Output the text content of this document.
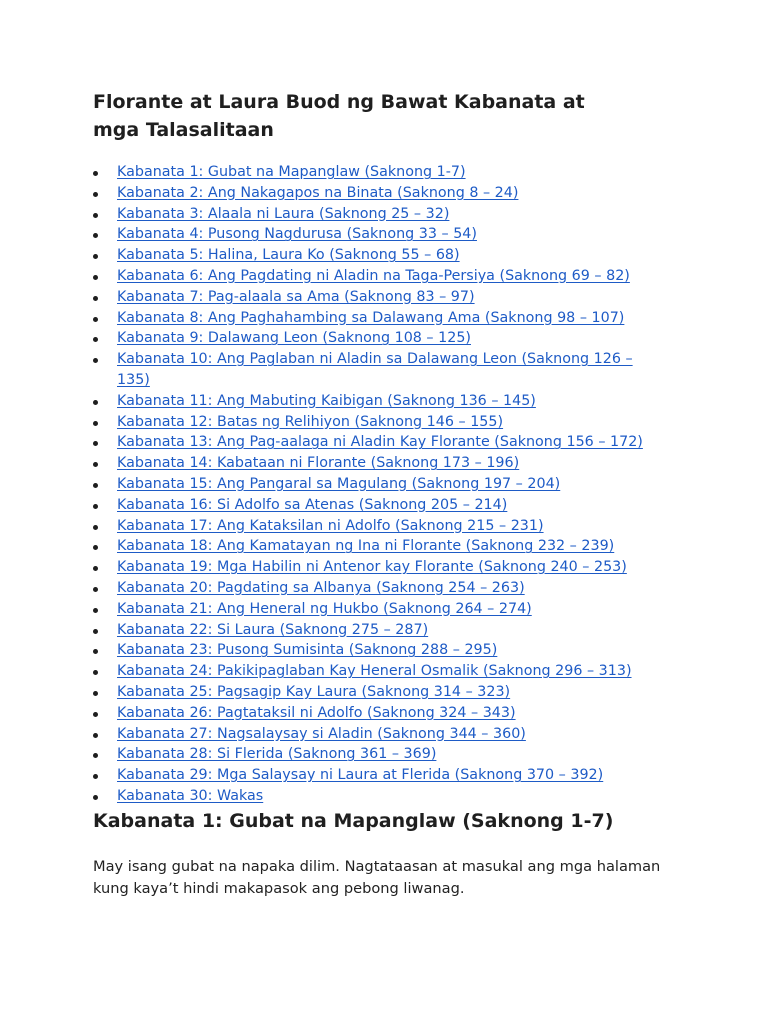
Florante at Laura Buod ng Bawat Kabanata at mga Talasalitaan
Kabanata 1: Gubat na Mapanglaw (Saknong 1-7)
Kabanata 2: Ang Nakagapos na Binata (Saknong 8 – 24)
Kabanata 3: Alaala ni Laura (Saknong 25 – 32)
Kabanata 4: Pusong Nagdurusa (Saknong 33 – 54)
Kabanata 5: Halina, Laura Ko (Saknong 55 – 68)
Kabanata 6: Ang Pagdating ni Aladin na Taga-Persiya (Saknong 69 – 82)
Kabanata 7: Pag-alaala sa Ama (Saknong 83 – 97)
Kabanata 8: Ang Paghahambing sa Dalawang Ama (Saknong 98 – 107)
Kabanata 9: Dalawang Leon (Saknong 108 – 125)
Kabanata 10: Ang Paglaban ni Aladin sa Dalawang Leon (Saknong 126 – 135)
Kabanata 11: Ang Mabuting Kaibigan (Saknong 136 – 145)
Kabanata 12: Batas ng Relihiyon (Saknong 146 – 155)
Kabanata 13: Ang Pag-aalaga ni Aladin Kay Florante (Saknong 156 – 172)
Kabanata 14: Kabataan ni Florante (Saknong 173 – 196)
Kabanata 15: Ang Pangaral sa Magulang (Saknong 197 – 204)
Kabanata 16: Si Adolfo sa Atenas (Saknong 205 – 214)
Kabanata 17: Ang Kataksilan ni Adolfo (Saknong 215 – 231)
Kabanata 18: Ang Kamatayan ng Ina ni Florante (Saknong 232 – 239)
Kabanata 19: Mga Habilin ni Antenor kay Florante (Saknong 240 – 253)
Kabanata 20: Pagdating sa Albanya (Saknong 254 – 263)
Kabanata 21: Ang Heneral ng Hukbo (Saknong 264 – 274)
Kabanata 22: Si Laura (Saknong 275 – 287)
Kabanata 23: Pusong Sumisinta (Saknong 288 – 295)
Kabanata 24: Pakikipaglaban Kay Heneral Osmalik (Saknong 296 – 313)
Kabanata 25: Pagsagip Kay Laura (Saknong 314 – 323)
Kabanata 26: Pagtataksil ni Adolfo (Saknong 324 – 343)
Kabanata 27: Nagsalaysay si Aladin (Saknong 344 – 360)
Kabanata 28: Si Flerida (Saknong 361 – 369)
Kabanata 29: Mga Salaysay ni Laura at Flerida (Saknong 370 – 392)
Kabanata 30: Wakas
Kabanata 1: Gubat na Mapanglaw (Saknong 1-7)

May isang gubat na napaka dilim. Nagtataasan at masukal ang mga halaman kung kaya’t hindi makapasok ang pebong liwanag.
